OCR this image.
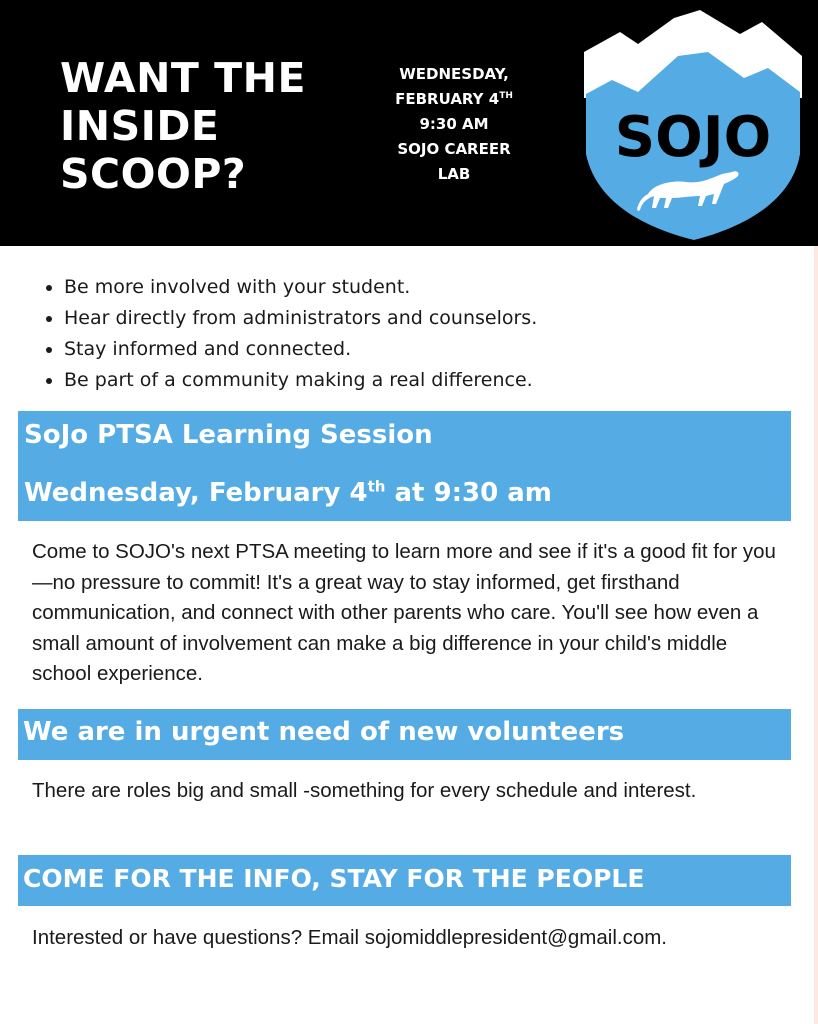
WANT THE
INSIDE
SCOOP?
WEDNESDAY,
FEBRUARY 4TH
9:30 AM
SOJO CAREER
LAB
SOJO
• Be more involved with your student.
• Hear directly from administrators and counselors.
• Stay informed and connected.
• Be part of a community making a real difference.
SoJo PTSA Learning Session
Wednesday, February 4th at 9:30 am

Come to SOJO's next PTSA meeting to learn more and see if it's a good fit for you—no pressure to commit! It's a great way to stay informed, get firsthand communication, and connect with other parents who care. You'll see how even a small amount of involvement can make a big difference in your child's middle school experience.

We are in urgent need of new volunteers

There are roles big and small -something for every schedule and interest.

COME FOR THE INFO, STAY FOR THE PEOPLE

Interested or have questions? Email sojomiddlepresident@gmail.com.
